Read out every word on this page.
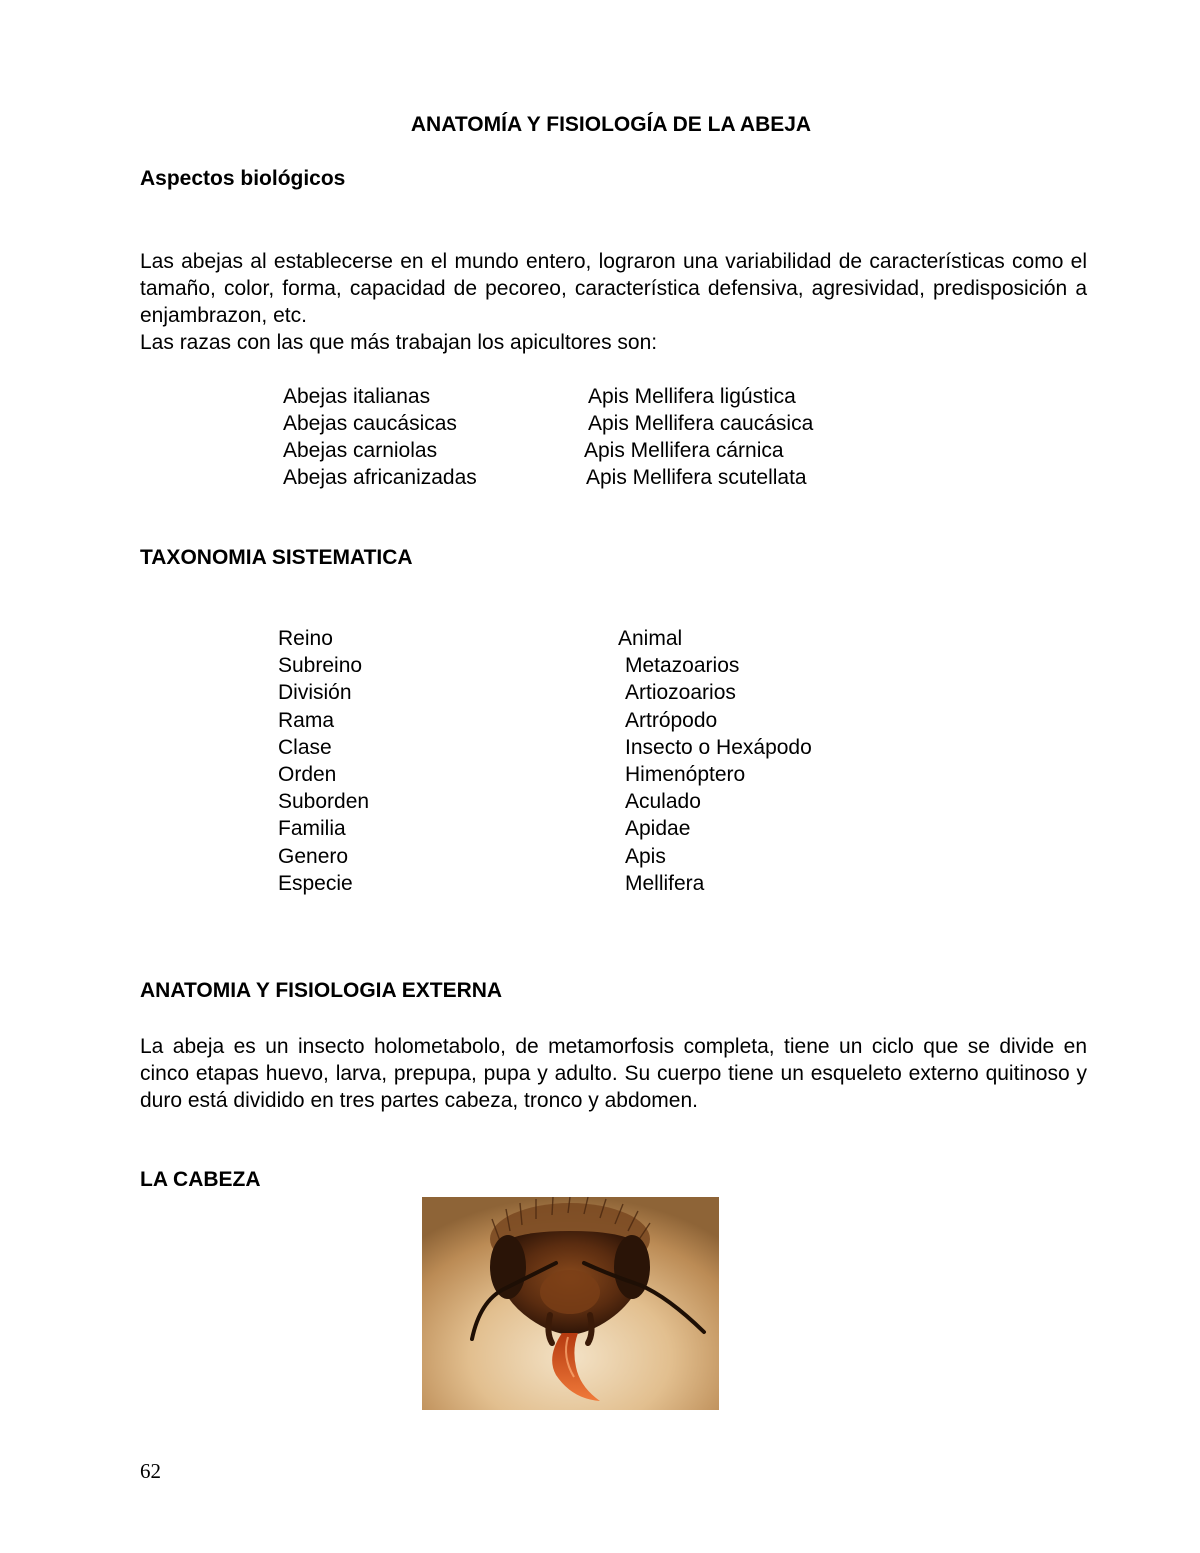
ANATOMÍA Y FISIOLOGÍA DE LA ABEJA
Aspectos biológicos
Las abejas al establecerse en el mundo entero, lograron una variabilidad de características como el tamaño, color, forma, capacidad de pecoreo, característica defensiva, agresividad, predisposición a enjambrazon, etc.
Las razas con las que más trabajan los apicultores son:
Abejas italianas	Apis Mellifera ligústica
Abejas caucásicas	Apis Mellifera caucásica
Abejas carniolas	Apis Mellifera cárnica
Abejas africanizadas	Apis Mellifera scutellata
TAXONOMIA SISTEMATICA
Reino	Animal
Subreino	Metazoarios
División	Artiozoarios
Rama	Artrópodo
Clase	Insecto o Hexápodo
Orden	Himenóptero
Suborden	Aculado
Familia	Apidae
Genero	Apis
Especie	Mellifera
ANATOMIA Y FISIOLOGIA EXTERNA
La abeja es un insecto holometabolo, de metamorfosis completa, tiene un ciclo que se divide en cinco etapas huevo, larva, prepupa, pupa y adulto. Su cuerpo tiene un esqueleto externo quitinoso y duro está dividido en tres partes cabeza, tronco y abdomen.
LA CABEZA
62
